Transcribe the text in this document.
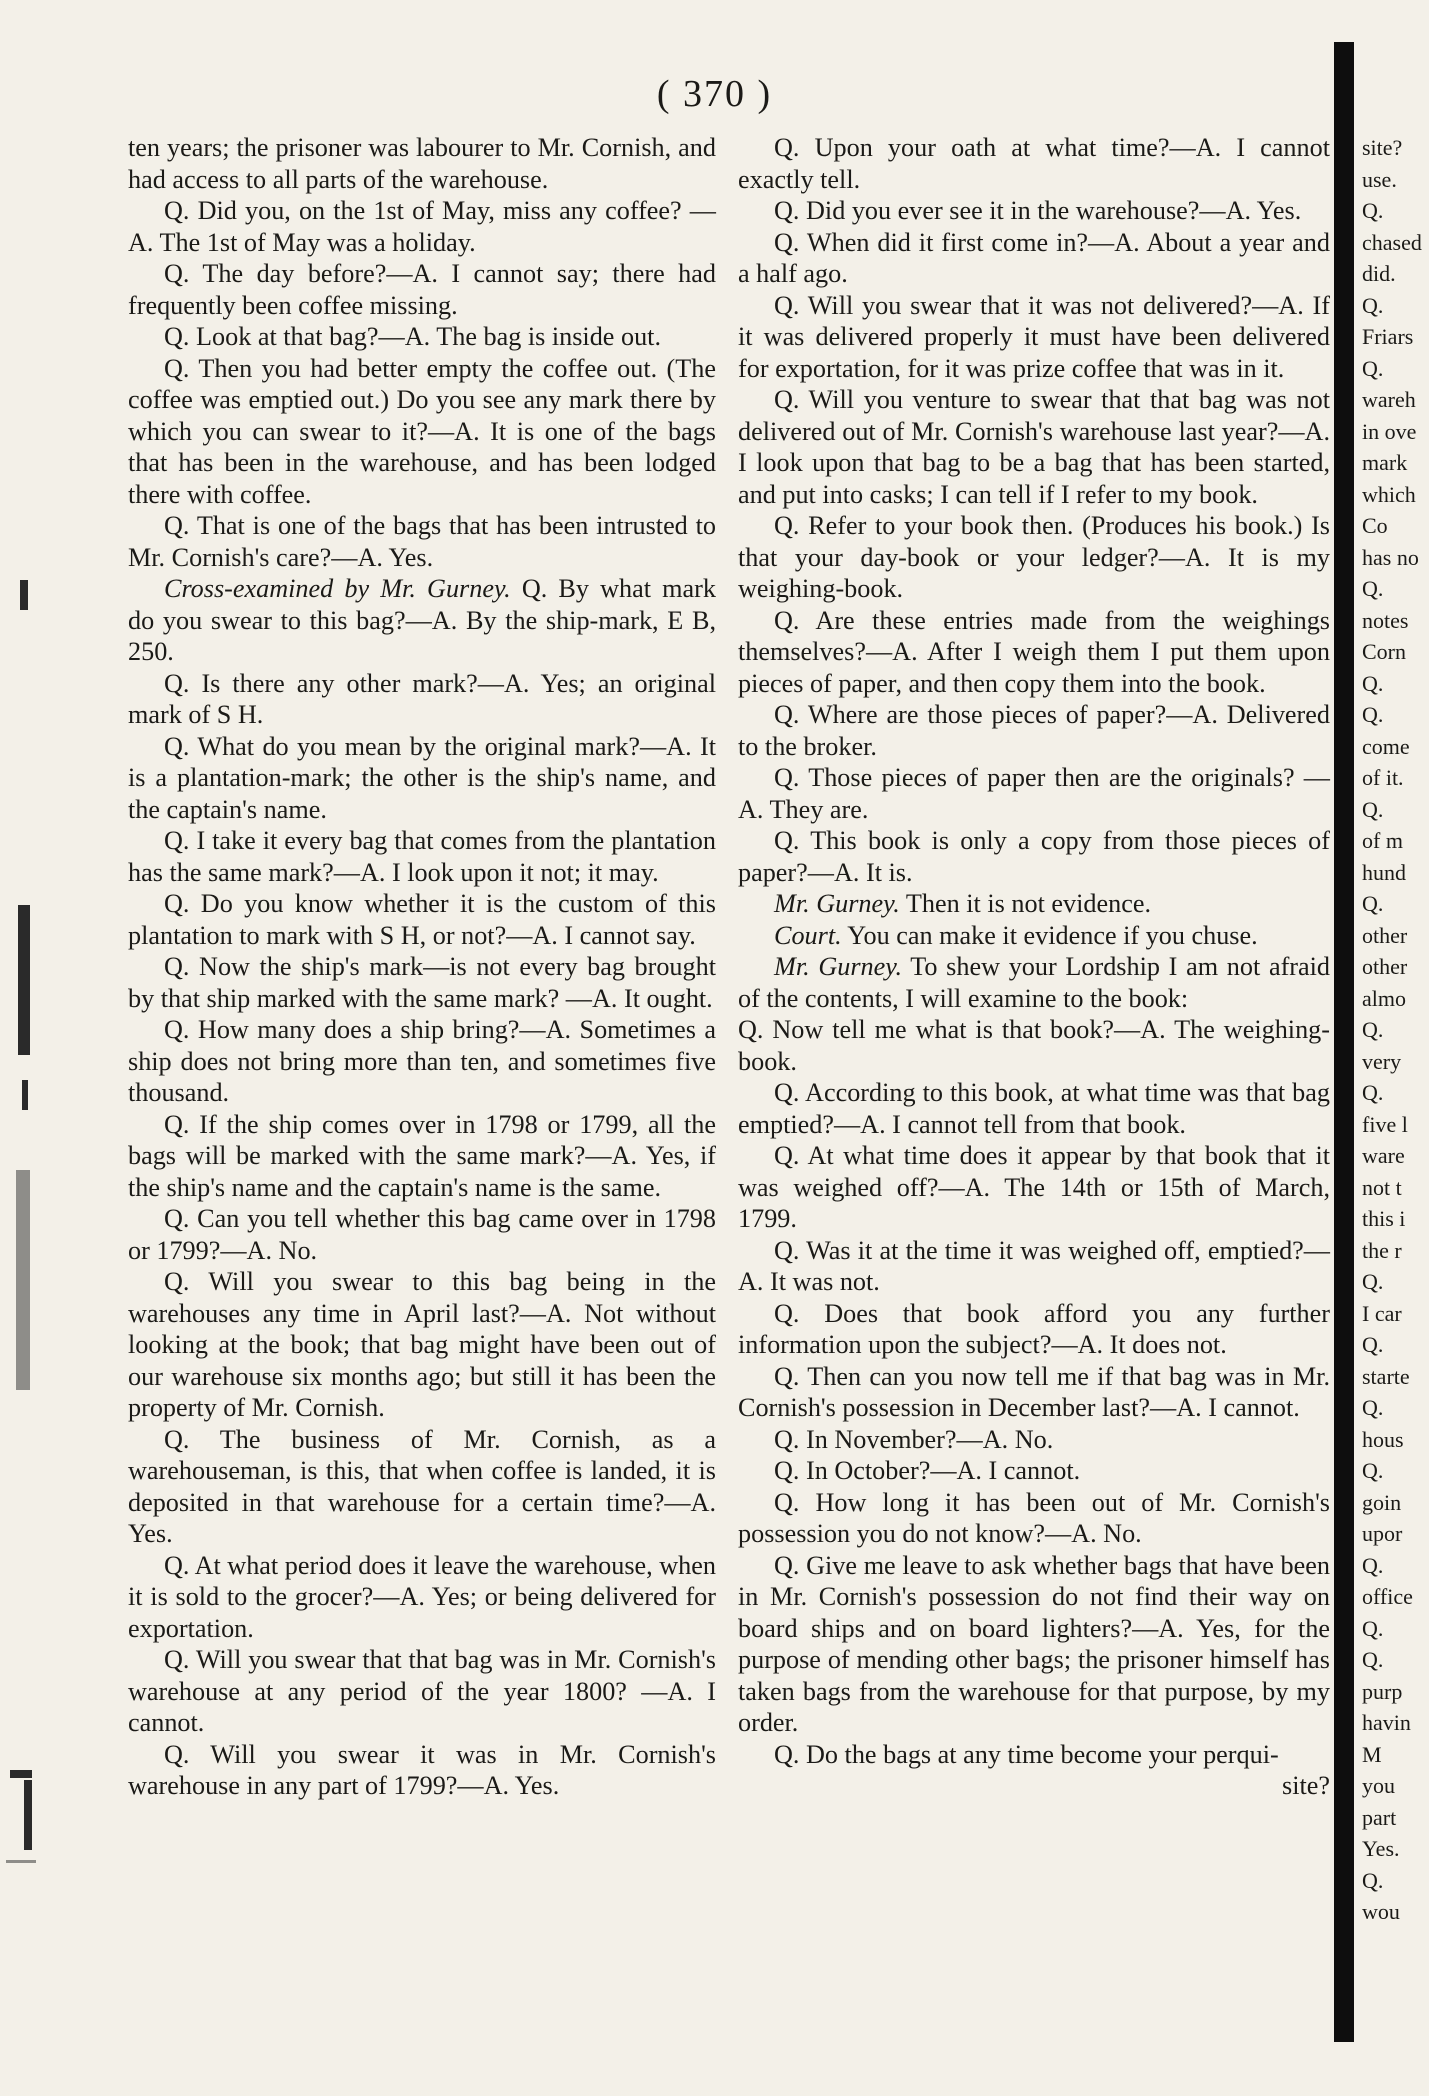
( 370 )

ten years; the prisoner was labourer to Mr. Cornish, and had access to all parts of the warehouse.

Q. Did you, on the 1st of May, miss any coffee? —A. The 1st of May was a holiday.

Q. The day before?—A. I cannot say; there had frequently been coffee missing.

Q. Look at that bag?—A. The bag is inside out.

Q. Then you had better empty the coffee out. (The coffee was emptied out.) Do you see any mark there by which you can swear to it?—A. It is one of the bags that has been in the warehouse, and has been lodged there with coffee.

Q. That is one of the bags that has been intrusted to Mr. Cornish's care?—A. Yes.

Cross-examined by Mr. Gurney. Q. By what mark do you swear to this bag?—A. By the ship-mark, E B, 250.

Q. Is there any other mark?—A. Yes; an original mark of S H.

Q. What do you mean by the original mark?—A. It is a plantation-mark; the other is the ship's name, and the captain's name.

Q. I take it every bag that comes from the plantation has the same mark?—A. I look upon it not; it may.

Q. Do you know whether it is the custom of this plantation to mark with S H, or not?—A. I cannot say.

Q. Now the ship's mark—is not every bag brought by that ship marked with the same mark? —A. It ought.

Q. How many does a ship bring?—A. Sometimes a ship does not bring more than ten, and sometimes five thousand.

Q. If the ship comes over in 1798 or 1799, all the bags will be marked with the same mark?—A. Yes, if the ship's name and the captain's name is the same.

Q. Can you tell whether this bag came over in 1798 or 1799?—A. No.

Q. Will you swear to this bag being in the warehouses any time in April last?—A. Not without looking at the book; that bag might have been out of our warehouse six months ago; but still it has been the property of Mr. Cornish.

Q. The business of Mr. Cornish, as a warehouseman, is this, that when coffee is landed, it is deposited in that warehouse for a certain time?—A. Yes.

Q. At what period does it leave the warehouse, when it is sold to the grocer?—A. Yes; or being delivered for exportation.

Q. Will you swear that that bag was in Mr. Cornish's warehouse at any period of the year 1800? —A. I cannot.

Q. Will you swear it was in Mr. Cornish's warehouse in any part of 1799?—A. Yes.

Q. Upon your oath at what time?—A. I cannot exactly tell.

Q. Did you ever see it in the warehouse?—A. Yes.

Q. When did it first come in?—A. About a year and a half ago.

Q. Will you swear that it was not delivered?—A. If it was delivered properly it must have been delivered for exportation, for it was prize coffee that was in it.

Q. Will you venture to swear that that bag was not delivered out of Mr. Cornish's warehouse last year?—A. I look upon that bag to be a bag that has been started, and put into casks; I can tell if I refer to my book.

Q. Refer to your book then. (Produces his book.) Is that your day-book or your ledger?—A. It is my weighing-book.

Q. Are these entries made from the weighings themselves?—A. After I weigh them I put them upon pieces of paper, and then copy them into the book.

Q. Where are those pieces of paper?—A. Delivered to the broker.

Q. Those pieces of paper then are the originals? —A. They are.

Q. This book is only a copy from those pieces of paper?—A. It is.

Mr. Gurney. Then it is not evidence.

Court. You can make it evidence if you chuse.

Mr. Gurney. To shew your Lordship I am not afraid of the contents, I will examine to the book:

Q. Now tell me what is that book?—A. The weighing-book.

Q. According to this book, at what time was that bag emptied?—A. I cannot tell from that book.

Q. At what time does it appear by that book that it was weighed off?—A. The 14th or 15th of March, 1799.

Q. Was it at the time it was weighed off, emptied?—A. It was not.

Q. Does that book afford you any further information upon the subject?—A. It does not.

Q. Then can you now tell me if that bag was in Mr. Cornish's possession in December last?—A. I cannot.

Q. In November?—A. No.

Q. In October?—A. I cannot.

Q. How long it has been out of Mr. Cornish's possession you do not know?—A. No.

Q. Give me leave to ask whether bags that have been in Mr. Cornish's possession do not find their way on board ships and on board lighters?—A. Yes, for the purpose of mending other bags; the prisoner himself has taken bags from the warehouse for that purpose, by my order.

Q. Do the bags at any time become your perqui-

site?

site?
use.
Q.
chased
did.
Q.
Friars
Q.
wareh
in ove
mark
which
Co
has no
Q.
notes
Corn
Q.
Q.
come
of it.
Q.
of m
hund
Q.
other
other
almo
Q.
very
Q.
five l
ware
not t
this i
the r
Q.
I car
Q.
starte
Q.
hous
Q.
goin
upor
Q.
office
Q.
Q.
purp
havin
M
you
part
Yes.
Q.
wou
